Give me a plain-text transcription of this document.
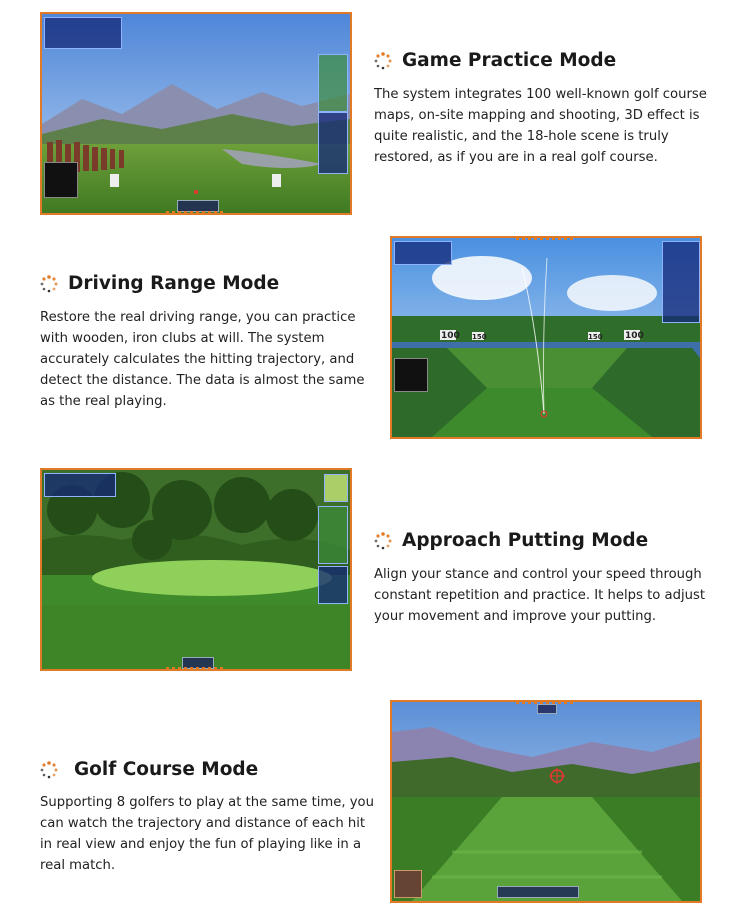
Game Practice Mode

The system integrates 100 well-known golf course maps, on-site mapping and shooting, 3D effect is quite realistic, and the 18-hole scene is truly restored, as if you are in a real golf course.

Driving Range Mode

Restore the real driving range, you can practice with wooden, iron clubs at will. The system accurately calculates the hitting trajectory, and detect the distance. The data is almost the same as the real playing.

100 150	150 100
Approach Putting Mode

Align your stance and control your speed through constant repetition and practice. It helps to adjust your movement and improve your putting.

Golf Course Mode

Supporting 8 golfers to play at the same time, you can watch the trajectory and distance of each hit in real view and enjoy the fun of playing like in a real match.
